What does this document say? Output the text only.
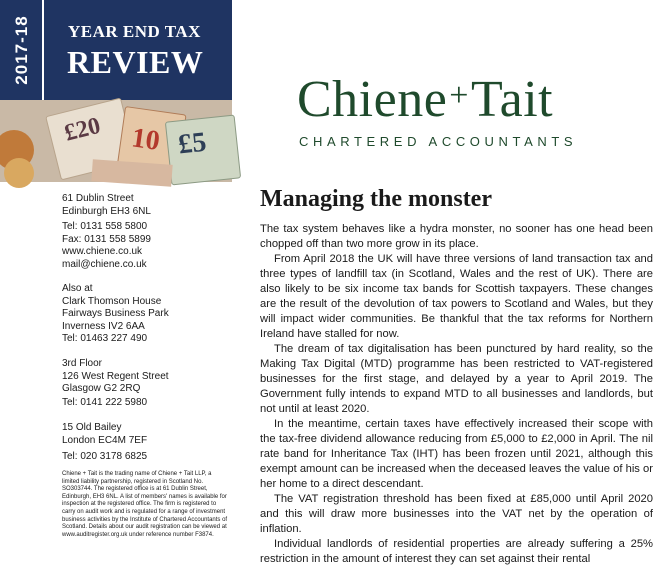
2017-18 YEAR END TAX
REVIEW
£20 10 £5
Chiene+Tait
CHARTERED ACCOUNTANTS
61 Dublin Street
Edinburgh EH3 6NL
Tel: 0131 558 5800
Fax: 0131 558 5899
www.chiene.co.uk
mail@chiene.co.uk
Also at
Clark Thomson House
Fairways Business Park
Inverness IV2 6AA
Tel: 01463 227 490
3rd Floor
126 West Regent Street
Glasgow G2 2RQ
Tel: 0141 222 5980
15 Old Bailey
London EC4M 7EF
Tel: 020 3178 6825
Chiene + Tait is the trading name of Chiene + Tait LLP, a limited liability partnership, registered in Scotland No. SO303744. The registered office is at 61 Dublin Street, Edinburgh, EH3 6NL. A list of members' names is available for inspection at the registered office. The firm is registered to carry on audit work and is regulated for a range of investment business activities by the Institute of Chartered Accountants of Scotland. Details about our audit registration can be viewed at www.auditregister.org.uk under reference number F3874.
Managing the monster

The tax system behaves like a hydra monster, no sooner has one head been chopped off than two more grow in its place.

From April 2018 the UK will have three versions of land transaction tax and three types of landfill tax (in Scotland, Wales and the rest of UK). There are also likely to be six income tax bands for Scottish taxpayers. These changes are the result of the devolution of tax powers to Scotland and Wales, but they will impact wider communities. Be thankful that the tax reforms for Northern Ireland have stalled for now.

The dream of tax digitalisation has been punctured by hard reality, so the Making Tax Digital (MTD) programme has been restricted to VAT-registered businesses for the first stage, and delayed by a year to April 2019. The Government fully intends to expand MTD to all businesses and landlords, but not until at least 2020.

In the meantime, certain taxes have effectively increased their scope with the tax-free dividend allowance reducing from £5,000 to £2,000 in April. The nil rate band for Inheritance Tax (IHT) has been frozen until 2021, although this exempt amount can be increased when the deceased leaves the value of his or her home to a direct descendant.

The VAT registration threshold has been fixed at £85,000 until April 2020 and this will draw more businesses into the VAT net by the operation of inflation.

Individual landlords of residential properties are already suffering a 25% restriction in the amount of interest they can set against their rental
